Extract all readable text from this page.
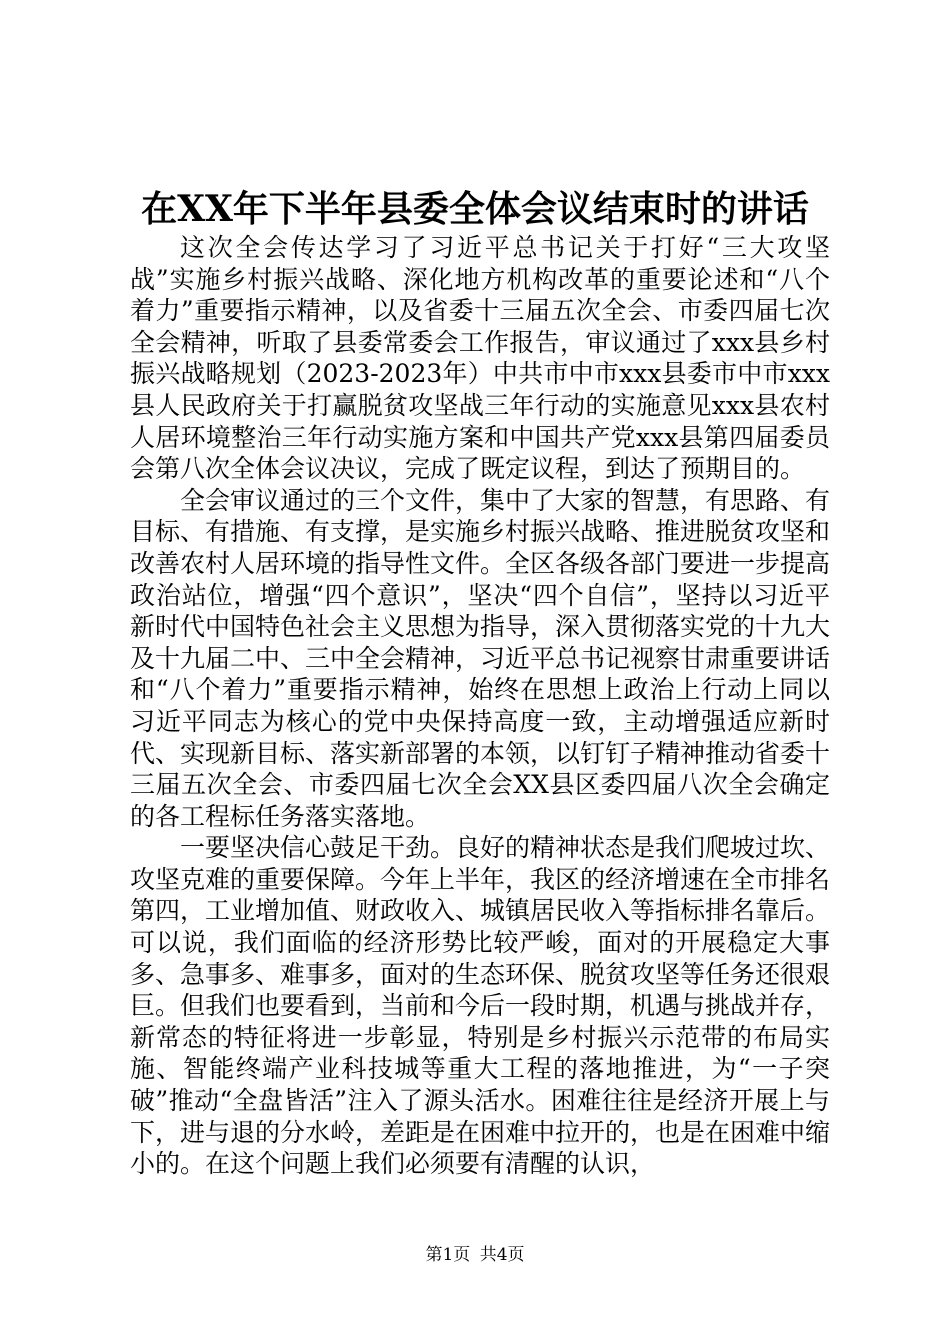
在XX年下半年县委全体会议结束时的讲话

这次全会传达学习了习近平总书记关于打好“三大攻坚战”实施乡村振兴战略、深化地方机构改革的重要论述和“八个着力”重要指示精神，以及省委十三届五次全会、市委四届七次全会精神，听取了县委常委会工作报告，审议通过了xxx县乡村振兴战略规划（2023-2023年）中共市中市xxx县委市中市xxx县人民政府关于打赢脱贫攻坚战三年行动的实施意见xxx县农村人居环境整治三年行动实施方案和中国共产党xxx县第四届委员会第八次全体会议决议，完成了既定议程，到达了预期目的。

全会审议通过的三个文件，集中了大家的智慧，有思路、有目标、有措施、有支撑，是实施乡村振兴战略、推进脱贫攻坚和改善农村人居环境的指导性文件。全区各级各部门要进一步提高政治站位，增强“四个意识”，坚决“四个自信”，坚持以习近平新时代中国特色社会主义思想为指导，深入贯彻落实党的十九大及十九届二中、三中全会精神，习近平总书记视察甘肃重要讲话和“八个着力”重要指示精神，始终在思想上政治上行动上同以习近平同志为核心的党中央保持高度一致，主动增强适应新时代、实现新目标、落实新部署的本领，以钉钉子精神推动省委十三届五次全会、市委四届七次全会XX县区委四届八次全会确定的各工程标任务落实落地。

一要坚决信心鼓足干劲。良好的精神状态是我们爬坡过坎、攻坚克难的重要保障。今年上半年，我区的经济增速在全市排名第四，工业增加值、财政收入、城镇居民收入等指标排名靠后。可以说，我们面临的经济形势比较严峻，面对的开展稳定大事多、急事多、难事多，面对的生态环保、脱贫攻坚等任务还很艰巨。但我们也要看到，当前和今后一段时期，机遇与挑战并存，新常态的特征将进一步彰显，特别是乡村振兴示范带的布局实施、智能终端产业科技城等重大工程的落地推进，为“一子突破”推动“全盘皆活”注入了源头活水。困难往往是经济开展上与下，进与退的分水岭，差距是在困难中拉开的，也是在困难中缩小的。在这个问题上我们必须要有清醒的认识，

第1页 共4页
